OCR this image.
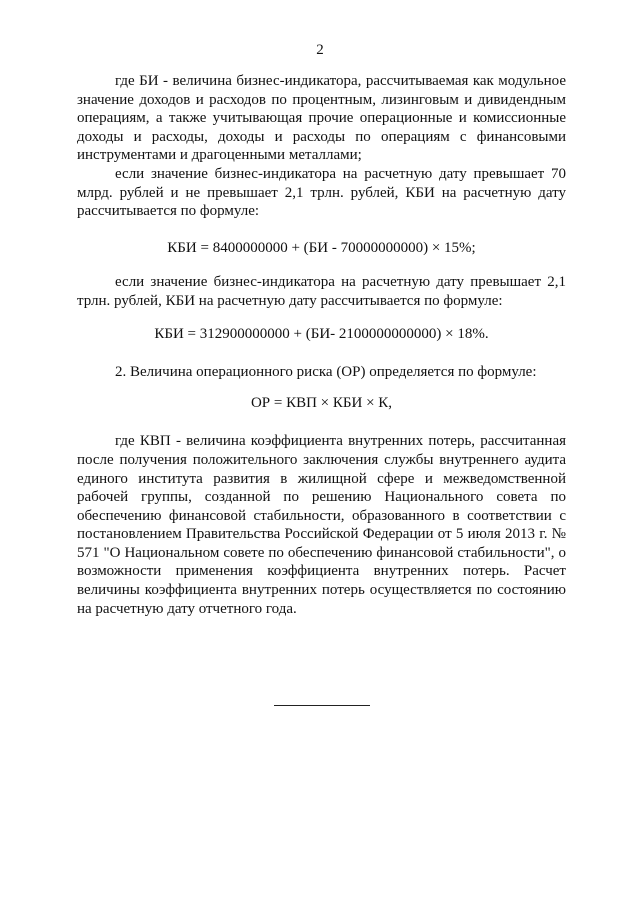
2

где БИ - величина бизнес-индикатора, рассчитываемая как модульное значение доходов и расходов по процентным, лизинговым и дивидендным операциям, а также учитывающая прочие операционные и комиссионные доходы и расходы, доходы и расходы по операциям с финансовыми инструментами и драгоценными металлами;

если значение бизнес-индикатора на расчетную дату превышает 70 млрд. рублей и не превышает 2,1 трлн. рублей, КБИ на расчетную дату рассчитывается по формуле:

КБИ = 8400000000 + (БИ - 70000000000) × 15%;

если значение бизнес-индикатора на расчетную дату превышает 2,1 трлн. рублей, КБИ на расчетную дату рассчитывается по формуле:

КБИ = 312900000000 + (БИ- 2100000000000) × 18%.

2. Величина операционного риска (ОР) определяется по формуле:

ОР = КВП × КБИ × К,

где КВП - величина коэффициента внутренних потерь, рассчитанная после получения положительного заключения службы внутреннего аудита единого института развития в жилищной сфере и межведомственной рабочей группы, созданной по решению Национального совета по обеспечению финансовой стабильности, образованного в соответствии с постановлением Правительства Российской Федерации от 5 июля 2013 г. № 571 "О Национальном совете по обеспечению финансовой стабильности", о возможности применения коэффициента внутренних потерь. Расчет величины коэффициента внутренних потерь осуществляется по состоянию на расчетную дату отчетного года.
